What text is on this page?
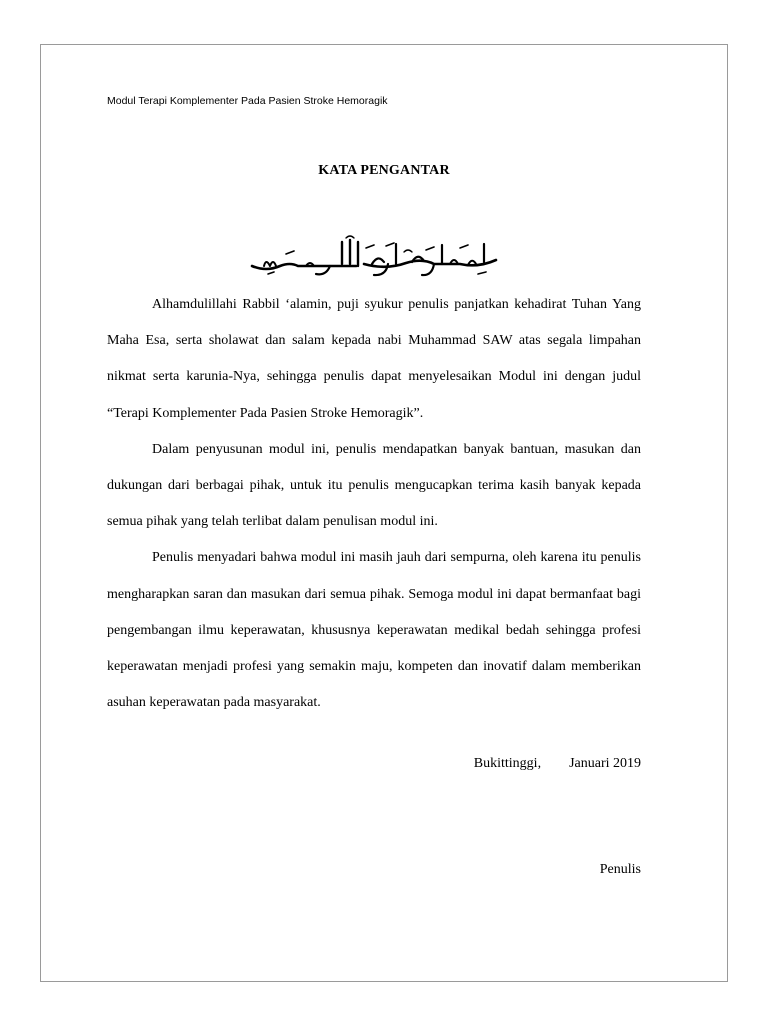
Modul Terapi Komplementer Pada Pasien Stroke Hemoragik
KATA PENGANTAR

Alhamdulillahi Rabbil ‘alamin, puji syukur penulis panjatkan kehadirat Tuhan Yang Maha Esa, serta sholawat dan salam kepada nabi Muhammad SAW atas segala limpahan nikmat serta karunia-Nya, sehingga penulis dapat menyelesaikan Modul ini dengan judul “Terapi Komplementer Pada Pasien Stroke Hemoragik”.

Dalam penyusunan modul ini, penulis mendapatkan banyak bantuan, masukan dan dukungan dari berbagai pihak, untuk itu penulis mengucapkan terima kasih banyak kepada semua pihak yang telah terlibat dalam penulisan modul ini.

Penulis menyadari bahwa modul ini masih jauh dari sempurna, oleh karena itu penulis mengharapkan saran dan masukan dari semua pihak. Semoga modul ini dapat bermanfaat bagi pengembangan ilmu keperawatan, khususnya keperawatan medikal bedah sehingga profesi keperawatan menjadi profesi yang semakin maju, kompeten dan inovatif dalam memberikan asuhan keperawatan pada masyarakat.

Bukittinggi,        Januari 2019
Penulis
